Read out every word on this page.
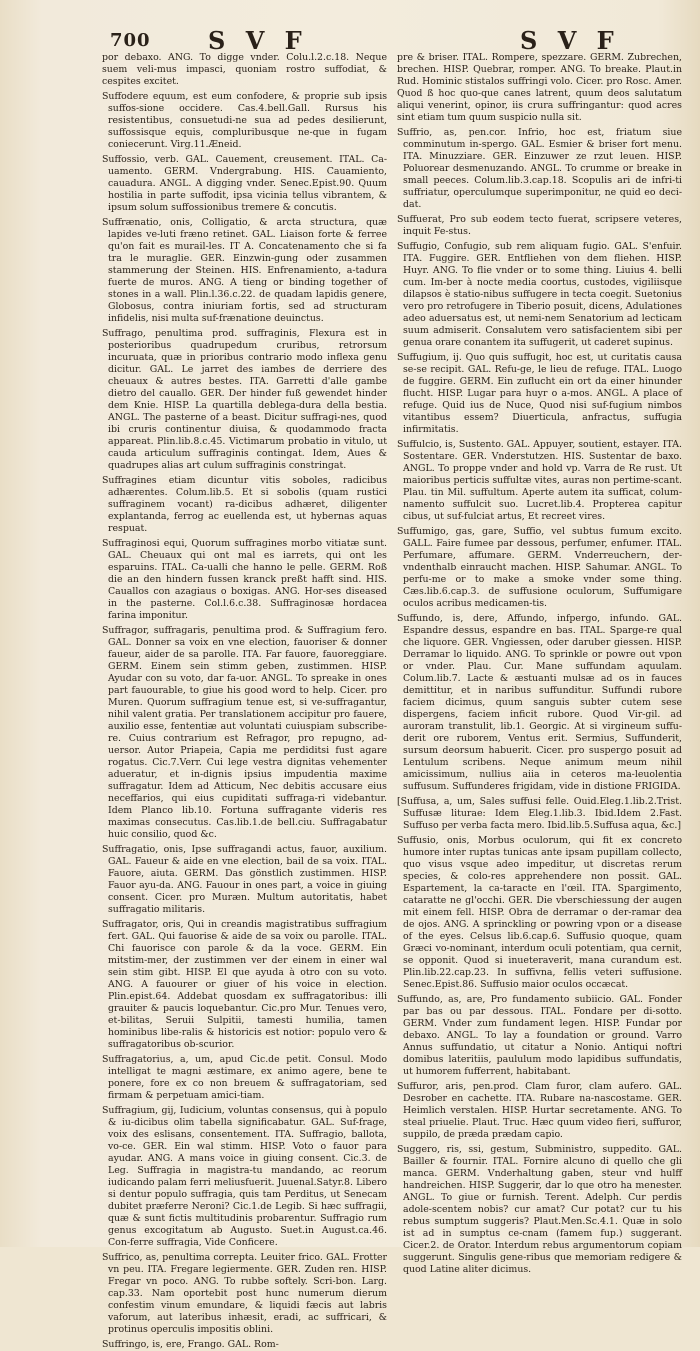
700 S V F	S V F

por debaxo. ANG. To digge vnder. Colu.l.2.c.18. Neque suem veli-mus impasci, quoniam rostro suffodiat, & cespites excitet.

Suffodere equum, est eum confodere, & proprie sub ipsis suffos-sione occidere. Cas.4.bell.Gall. Rursus his resistentibus, consuetudi-ne sua ad pedes desilierunt, suffossisque equis, compluribusque ne-que in fugam coniecerunt. Virg.11.Æneid.

Suffossio, verb. GAL. Cauement, creusement. ITAL. Ca-uamento. GERM. Vndergrabung. HIS. Cauamiento, cauadura. ANGL. A digging vnder. Senec.Epist.90. Quum hostilia in parte suffodit, ipsa vicinia tellus vibrantem, & ipsum solum suffossionibus tremere & concutis.

Suffrænatio, onis, Colligatio, & arcta structura, quæ lapides ve-luti fræno retinet. GAL. Liaison forte & ferree qu'on fait es murail-les. IT A. Concatenamento che si fa tra le muraglie. GER. Einzwin-gung oder zusammen stammerung der Steinen. HIS. Enfrenamiento, a-tadura fuerte de muros. ANG. A tieng or binding together of stones in a wall. Plin.l.36.c.22. de quadam lapidis genere, Globosus, contra iniuriam fortis, sed ad structuram infidelis, nisi multa suf-frænatione deuinctus.

Suffrago, penultima prod. suffraginis, Flexura est in posterioribus quadrupedum cruribus, retrorsum incuruata, quæ in prioribus contrario modo inflexa genu dicitur. GAL. Le jarret des iambes de derriere des cheuaux & autres bestes. ITA. Garretti d'alle gambe dietro del cauallo. GER. Der hinder fuß gewendet hinder dem Knie. HISP. La quartilla deblega-dura della bestia. ANGL. The pasterne of a beast. Dicitur suffragi-nes, quod ibi cruris continentur diuisa, & quodammodo fracta appareat. Plin.lib.8.c.45. Victimarum probatio in vitulo, ut cauda articulum suffraginis contingat. Idem, Aues & quadrupes alias art culum suffraginis constringat.

Suffragines etiam dicuntur vitis soboles, radicibus adhærentes. Colum.lib.5. Et si sobolis (quam rustici suffraginem vocant) ra-dicibus adhæret, diligenter explantanda, ferrog ac euellenda est, ut hybernas aquas respuat.

Suffraginosi equi, Quorum suffragines morbo vitiatæ sunt. GAL. Cheuaux qui ont mal es iarrets, qui ont les esparuins. ITAL. Ca-ualli che hanno le pelle. GERM. Roß die an den hindern fussen kranck preßt hafft sind. HIS. Cauallos con azagiaus o boxigas. ANG. Hor-ses diseased in the pasterne. Col.l.6.c.38. Suffraginosæ hordacea farina imponitur.

Suffragor, suffragaris, penultima prod. & Suffragium fero. GAL. Donner sa voix en vne election, fauoriser & donner faueur, aider de sa parolle. ITA. Far fauore, fauoreggiare. GERM. Einem sein stimm geben, zustimmen. HISP. Ayudar con su voto, dar fa-uor. ANGL. To spreake in ones part fauourable, to giue his good word to help. Cicer. pro Muren. Quorum suffragium tenue est, si ve-suffragantur, nihil valent gratia. Per translationem accipitur pro fauere, auxilio esse, fententiæ aut voluntati cuiuspiam subscribe-re. Cuius contrarium est Refragor, pro repugno, ad-uersor. Autor Priapeia, Capia me perdiditsi fust agare rogatus. Cic.7.Verr. Cui lege vestra dignitas vehementer adueratur, et in-dignis ipsius impudentia maxime suffragatur. Idem ad Atticum, Nec debitis accusare eius neceffarios, qui eius cupiditati suffraga-ri videbantur. Idem Planco lib.10. Fortuna suffragante videris res maximas consecutus. Cas.lib.1.de bell.ciu. Suffragabatur huic consilio, quod &c.

Suffragatio, onis, Ipse suffragandi actus, fauor, auxilium. GAL. Faueur & aide en vne election, bail de sa voix. ITAL. Fauore, aiuta. GERM. Das gönstlich zustimmen. HISP. Fauor ayu-da. ANG. Fauour in ones part, a voice in giuing consent. Cicer. pro Muræn. Multum autoritatis, habet suffragatio militaris.

Suffragator, oris, Qui in creandis magistratibus suffragium fert. GAL. Qui fauorise & aide de sa voix ou parolle. ITAL. Chi fauorisce con parole & da la voce. GERM. Ein mitstim-mer, der zustimmen ver der einem in einer wal sein stim gibt. HISP. El que ayuda à otro con su voto. ANG. A fauourer or giuer of his voice in election. Plin.epist.64. Addebat quosdam ex suffragatoribus: illi grauiter & paucis loquebantur. Cic.pro Mur. Tenues vero, et-bilitas, Seruii Sulpitii, tamesti humilia, tamen hominibus libe-ralis & historicis est notior: populo vero & suffragatoribus ob-scurior.

Suffragatorius, a, um, apud Cic.de petit. Consul. Modo intelligat te magni æstimare, ex animo agere, bene te ponere, fore ex co non breuem & suffragatoriam, sed firmam & perpetuam amici-tiam.

Suffragium, gij, Iudicium, voluntas consensus, qui à populo & iu-dicibus olim tabella significabatur. GAL. Suf-frage, voix des eslisans, consentement. ITA. Suffragio, ballota, vo-ce. GER. Ein wal stimm. HISP. Voto o fauor para ayudar. ANG. A mans voice in giuing consent. Cic.3. de Leg. Suffragia in magistra-tu mandando, ac reorum iudicando palam ferri meliusfuerit. Juuenal.Satyr.8. Libero si dentur populo suffragia, quis tam Perditus, ut Senecam dubitet præferre Neroni? Cic.1.de Legib. Si hæc suffragii, quæ & sunt fictis multitudinis probarentur. Suffragio rum genus excogitatum ab Augusto. Suet.in August.ca.46. Con-ferre suffragia, Vide Conficere.

Suffrico, as, penultima correpta. Leuiter frico. GAL. Frotter vn peu. ITA. Fregare legiermente. GER. Zuden ren. HISP. Fregar vn poco. ANG. To rubbe softely. Scri-bon. Larg. cap.33. Nam oportebit post hunc numerum dierum confestim vinum emundare, & liquidi fæcis aut labris vaforum, aut lateribus inhæsit, eradi, ac suffricari, & protinus operculis impositis oblini.

Suffringo, is, ere, Frango. GAL. Rom-

pre & briser. ITAL. Rompere, spezzare. GERM. Zubrechen, brechen. HISP. Quebrar, romper. ANG. To breake. Plaut.in Rud. Hominic stistalos suffringi volo. Cicer. pro Rosc. Amer. Quod ß hoc quo-que canes latrent, quum deos salutatum aliqui venerint, opinor, iis crura suffringantur: quod acres sint etiam tum quum suspicio nulla sit.

Suffrio, as, pen.cor. Infrio, hoc est, friatum siue comminutum in-spergo. GAL. Esmier & briser fort menu. ITA. Minuzziare. GER. Einzuwer ze rzut leuen. HISP. Poluorear desmenuzando. ANGL. To crumme or breake in small peeces. Colum.lib.3.cap.18. Scopulis ari de infri-ti suffriatur, operculumque superimponitur, ne quid eo deci-dat.

Suffuerat, Pro sub eodem tecto fuerat, scripsere veteres, inquit Fe-stus.

Suffugio, Confugio, sub rem aliquam fugio. GAL. S'enfuir. ITA. Fuggire. GER. Entfliehen von dem fliehen. HISP. Huyr. ANG. To flie vnder or to some thing. Liuius 4. belli cum. Im-ber à nocte media coortus, custodes, vigiliisque dilapsos è statio-nibus suffugere in tecta coegit. Suetonius vero pro retrofugere in Tiberio posuit, dicens, Adulationes adeo aduersatus est, ut nemi-nem Senatorium ad lecticam suum admiserit. Consalutem vero satisfacientem sibi per genua orare conantem ita suffugerit, ut caderet supinus.

Suffugium, ij. Quo quis suffugit, hoc est, ut curitatis causa se-se recipit. GAL. Refu-ge, le lieu de refuge. ITAL. Luogo de fuggire. GERM. Ein zuflucht ein ort da einer hinunder flucht. HISP. Lugar para huyr o a-mos. ANGL. A place of refuge. Quid ius de Nuce, Quod nisi suf-fugium nimbos vitantibus essem? Diuerticula, anfractus, suffugia infirmitatis.

Suffulcio, is, Sustento. GAL. Appuyer, soutient, estayer. ITA. Sostentare. GER. Vnderstutzen. HIS. Sustentar de baxo. ANGL. To proppe vnder and hold vp. Varra de Re rust. Ut maioribus perticis suffultæ vites, auras non pertime-scant. Plau. tin Mil. suffultum. Aperte autem ita sufficat, colum-namento suffulcit suo. Lucret.lib.4. Propterea capitur cibus, ut suf-fulciat artus, Et recreet vires.

Suffumigo, gas, gare, Suffio, vel subtus fumum excito. GALL. Faire fumee par dessous, perfumer, enfumer. ITAL. Perfumare, affumare. GERM. Vnderreuchern, der-vndenthalb einraucht machen. HISP. Sahumar. ANGL. To perfu-me or to make a smoke vnder some thing. Cæs.lib.6.cap.3. de suffusione oculorum, Suffumigare oculos acribus medicamen-tis.

Suffundo, is, dere, Affundo, infpergo, infundo. GAL. Espandre dessus, espandre en bas. ITAL. Sparge-re qual che liquore. GER. Vngiessen, oder daruber giessen. HISP. Derramar lo liquido. ANG. To sprinkle or powre out vpon or vnder. Plau. Cur. Mane suffundam aquulam. Colum.lib.7. Lacte & æstuanti mulsæ ad os in fauces demittitur, et in naribus suffunditur. Suffundi rubore faciem dicimus, quum sanguis subter cutem sese dispergens, faciem inficit rubore. Quod Vir-gil. ad auroram transtulit, lib.1. Georgic. At si virgineum suffu-derit ore ruborem, Ventus erit. Sermius, Suffunderit, sursum deorsum habuerit. Cicer. pro suspergo posuit ad Lentulum scribens. Neque animum meum nihil amicissimum, nullius aiia in ceteros ma-leuolentia suffusum. Suffunderes frigidam, vide in distione FRIGIDA.

[Suffusa, a, um, Sales suffusi felle. Ouid.Eleg.1.lib.2.Trist. Suffusæ liturae: Idem Eleg.1.lib.3. Ibid.Idem 2.Fast. Suffuso per verba facta mero. Ibid.lib.5.Suffusa aqua, &c.]

Suffusio, onis, Morbus oculorum, qui fit ex concreto humore inter ruptas tunicas ante ipsam pupillam collecto, quo visus vsque adeo impeditur, ut discretas rerum species, & colo-res apprehendere non possit. GAL. Espartement, la ca-taracte en l'œil. ITA. Spargimento, cataratte ne gl'occhi. GER. Die vberschiessung der augen mit einem fell. HISP. Obra de derramar o der-ramar dea de ojos. ANG. A sprinckling or powring vpon or a disease of the eyes. Celsus lib.6.cap.6. Suffusio quoque, quam Græci vo-nominant, interdum oculi potentiam, qua cernit, se opponit. Quod si inueteraverit, mana curandum est. Plin.lib.22.cap.23. In suffivna, fellis veteri suffusione. Senec.Epist.86. Suffusio maior oculos occæcat.

Suffundo, as, are, Pro fundamento subiicio. GAL. Fonder par bas ou par dessous. ITAL. Fondare per di-sotto. GERM. Vnder zum fundament legen. HISP. Fundar por debaxo. ANGL. To lay a foundation or ground. Varro Annus suffundatio, ut citatur a Nonio. Antiqui noftri domibus lateritiis, paululum modo lapidibus suffundatis, ut humorem fufferrent, habitabant.

Suffuror, aris, pen.prod. Clam furor, clam aufero. GAL. Desrober en cachette. ITA. Rubare na-nascostame. GER. Heimlich verstalen. HISP. Hurtar secretamente. ANG. To steal priuelie. Plaut. Truc. Hæc quum video fieri, suffuror, suppilo, de præda prædam capio.

Suggero, ris, ssi, gestum, Subministro, suppedito. GAL. Bailler & fournir. ITAL. Fornire alcuno di quello che gli manca. GERM. Vnderhaltung gaben, steur vnd hulff handreichen. HISP. Suggerir, dar lo que otro ha menester. ANGL. To giue or furnish. Terent. Adelph. Cur perdis adole-scentem nobis? cur amat? Cur potat? cur tu his rebus sumptum suggeris? Plaut.Men.Sc.4.1. Quæ in solo ist ad in sumptus ce-cnam (famem fup.) suggerant. Cicer.2. de Orator. Interdum rebus argumentorum copiam suggerunt. Singulis gene-ribus que memoriam redigere & quod Latine aliter dicimus.
